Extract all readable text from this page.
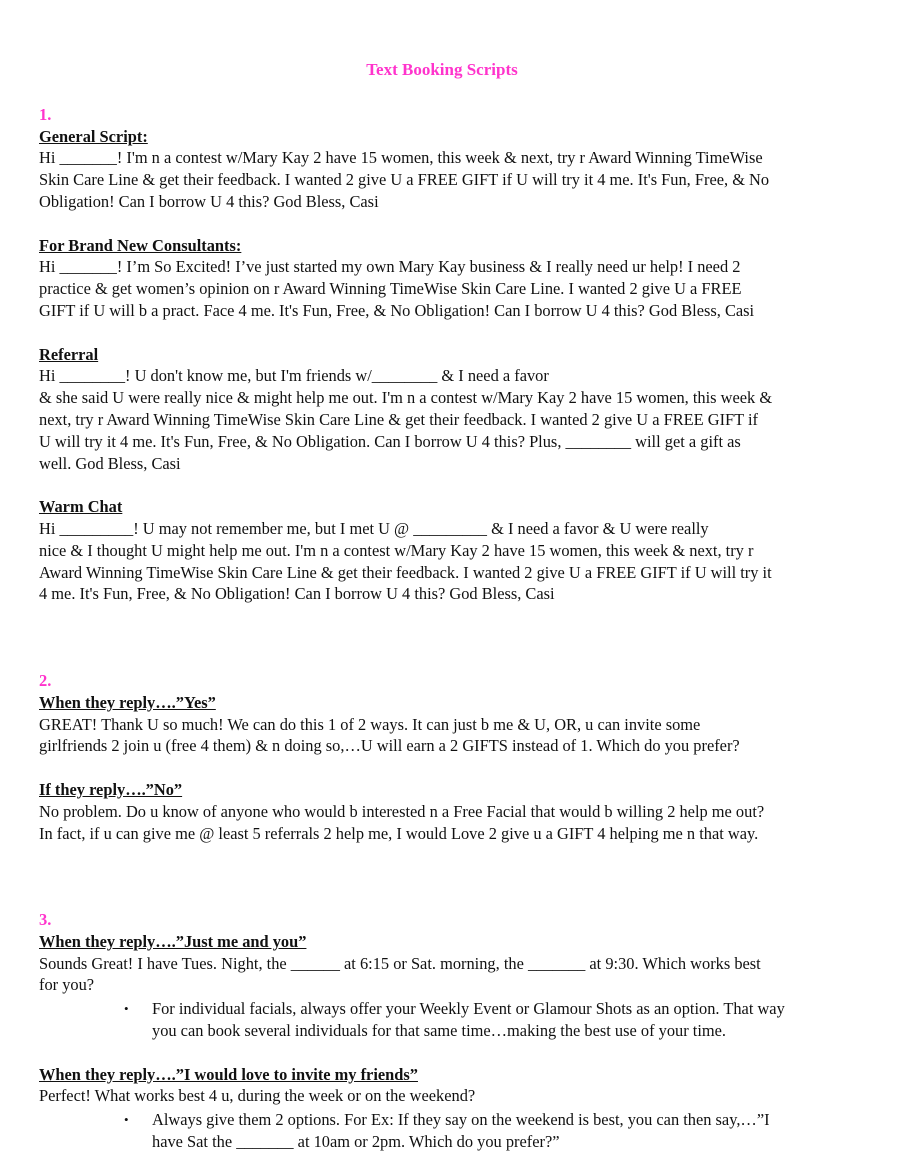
Text Booking Scripts

1.

General Script:

Hi _______! I'm n a contest w/Mary Kay 2 have 15 women, this week & next, try r Award Winning TimeWise

Skin Care Line & get their feedback. I wanted 2 give U a FREE GIFT if U will try it 4 me. It's Fun, Free, & No

Obligation! Can I borrow U 4 this? God Bless, Casi

For Brand New Consultants:

Hi _______! I’m So Excited! I’ve just started my own Mary Kay business & I really need ur help! I need 2

practice & get women’s opinion on r Award Winning TimeWise Skin Care Line. I wanted 2 give U a FREE

GIFT if U will b a pract. Face 4 me. It's Fun, Free, & No Obligation! Can I borrow U 4 this? God Bless, Casi

Referral

Hi ________! U don't know me, but I'm friends w/________ & I need a favor

& she said U were really nice & might help me out. I'm n a contest w/Mary Kay 2 have 15 women, this week &

next, try r Award Winning TimeWise Skin Care Line & get their feedback. I wanted 2 give U a FREE GIFT if

U will try it 4 me. It's Fun, Free, & No Obligation. Can I borrow U 4 this? Plus, ________ will get a gift as

well. God Bless, Casi

Warm Chat

Hi _________! U may not remember me, but I met U @ _________ & I need a favor & U were really

nice & I thought U might help me out. I'm n a contest w/Mary Kay 2 have 15 women, this week & next, try r

Award Winning TimeWise Skin Care Line & get their feedback. I wanted 2 give U a FREE GIFT if U will try it

4 me. It's Fun, Free, & No Obligation! Can I borrow U 4 this? God Bless, Casi

2.

When they reply….”Yes”

GREAT! Thank U so much! We can do this 1 of 2 ways. It can just b me & U, OR, u can invite some

girlfriends 2 join u (free 4 them) & n doing so,…U will earn a 2 GIFTS instead of 1. Which do you prefer?

If they reply….”No”

No problem. Do u know of anyone who would b interested n a Free Facial that would b willing 2 help me out?

In fact, if u can give me @ least 5 referrals 2 help me, I would Love 2 give u a GIFT 4 helping me n that way.

3.

When they reply….”Just me and you”

Sounds Great! I have Tues. Night, the ______ at 6:15 or Sat. morning, the _______ at 9:30. Which works best

for you?

•	For individual facials, always offer your Weekly Event or Glamour Shots as an option. That way

you can book several individuals for that same time…making the best use of your time.

When they reply….”I would love to invite my friends”

Perfect! What works best 4 u, during the week or on the weekend?

•	Always give them 2 options. For Ex: If they say on the weekend is best, you can then say,…”I

have Sat the _______ at 10am or 2pm. Which do you prefer?”
